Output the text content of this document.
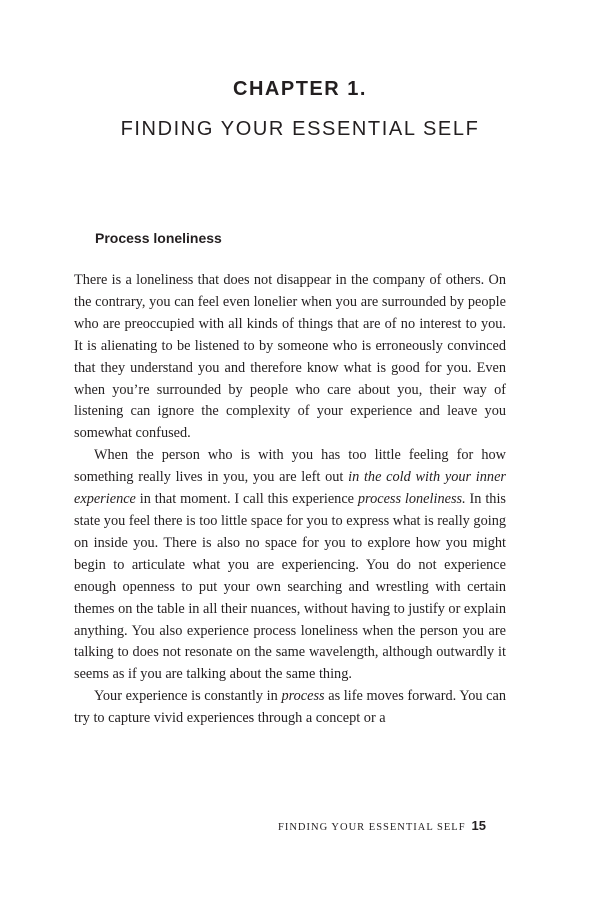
CHAPTER 1.
FINDING YOUR ESSENTIAL SELF
Process loneliness

There is a loneliness that does not disappear in the company of others. On the contrary, you can feel even lonelier when you are surrounded by people who are preoccupied with all kinds of things that are of no interest to you. It is alienating to be listened to by someone who is erroneously convinced that they understand you and therefore know what is good for you. Even when you’re surrounded by people who care about you, their way of listening can ignore the complexity of your experience and leave you somewhat confused.

When the person who is with you has too little feeling for how something really lives in you, you are left out in the cold with your inner experience in that moment. I call this experience process loneliness. In this state you feel there is too little space for you to express what is really going on inside you. There is also no space for you to explore how you might begin to articulate what you are experiencing. You do not experience enough openness to put your own searching and wrestling with certain themes on the table in all their nuances, without having to justify or explain anything. You also experience process loneliness when the person you are talking to does not resonate on the same wavelength, although outwardly it seems as if you are talking about the same thing.

Your experience is constantly in process as life moves forward. You can try to capture vivid experiences through a concept or a

FINDING YOUR ESSENTIAL SELF 15
